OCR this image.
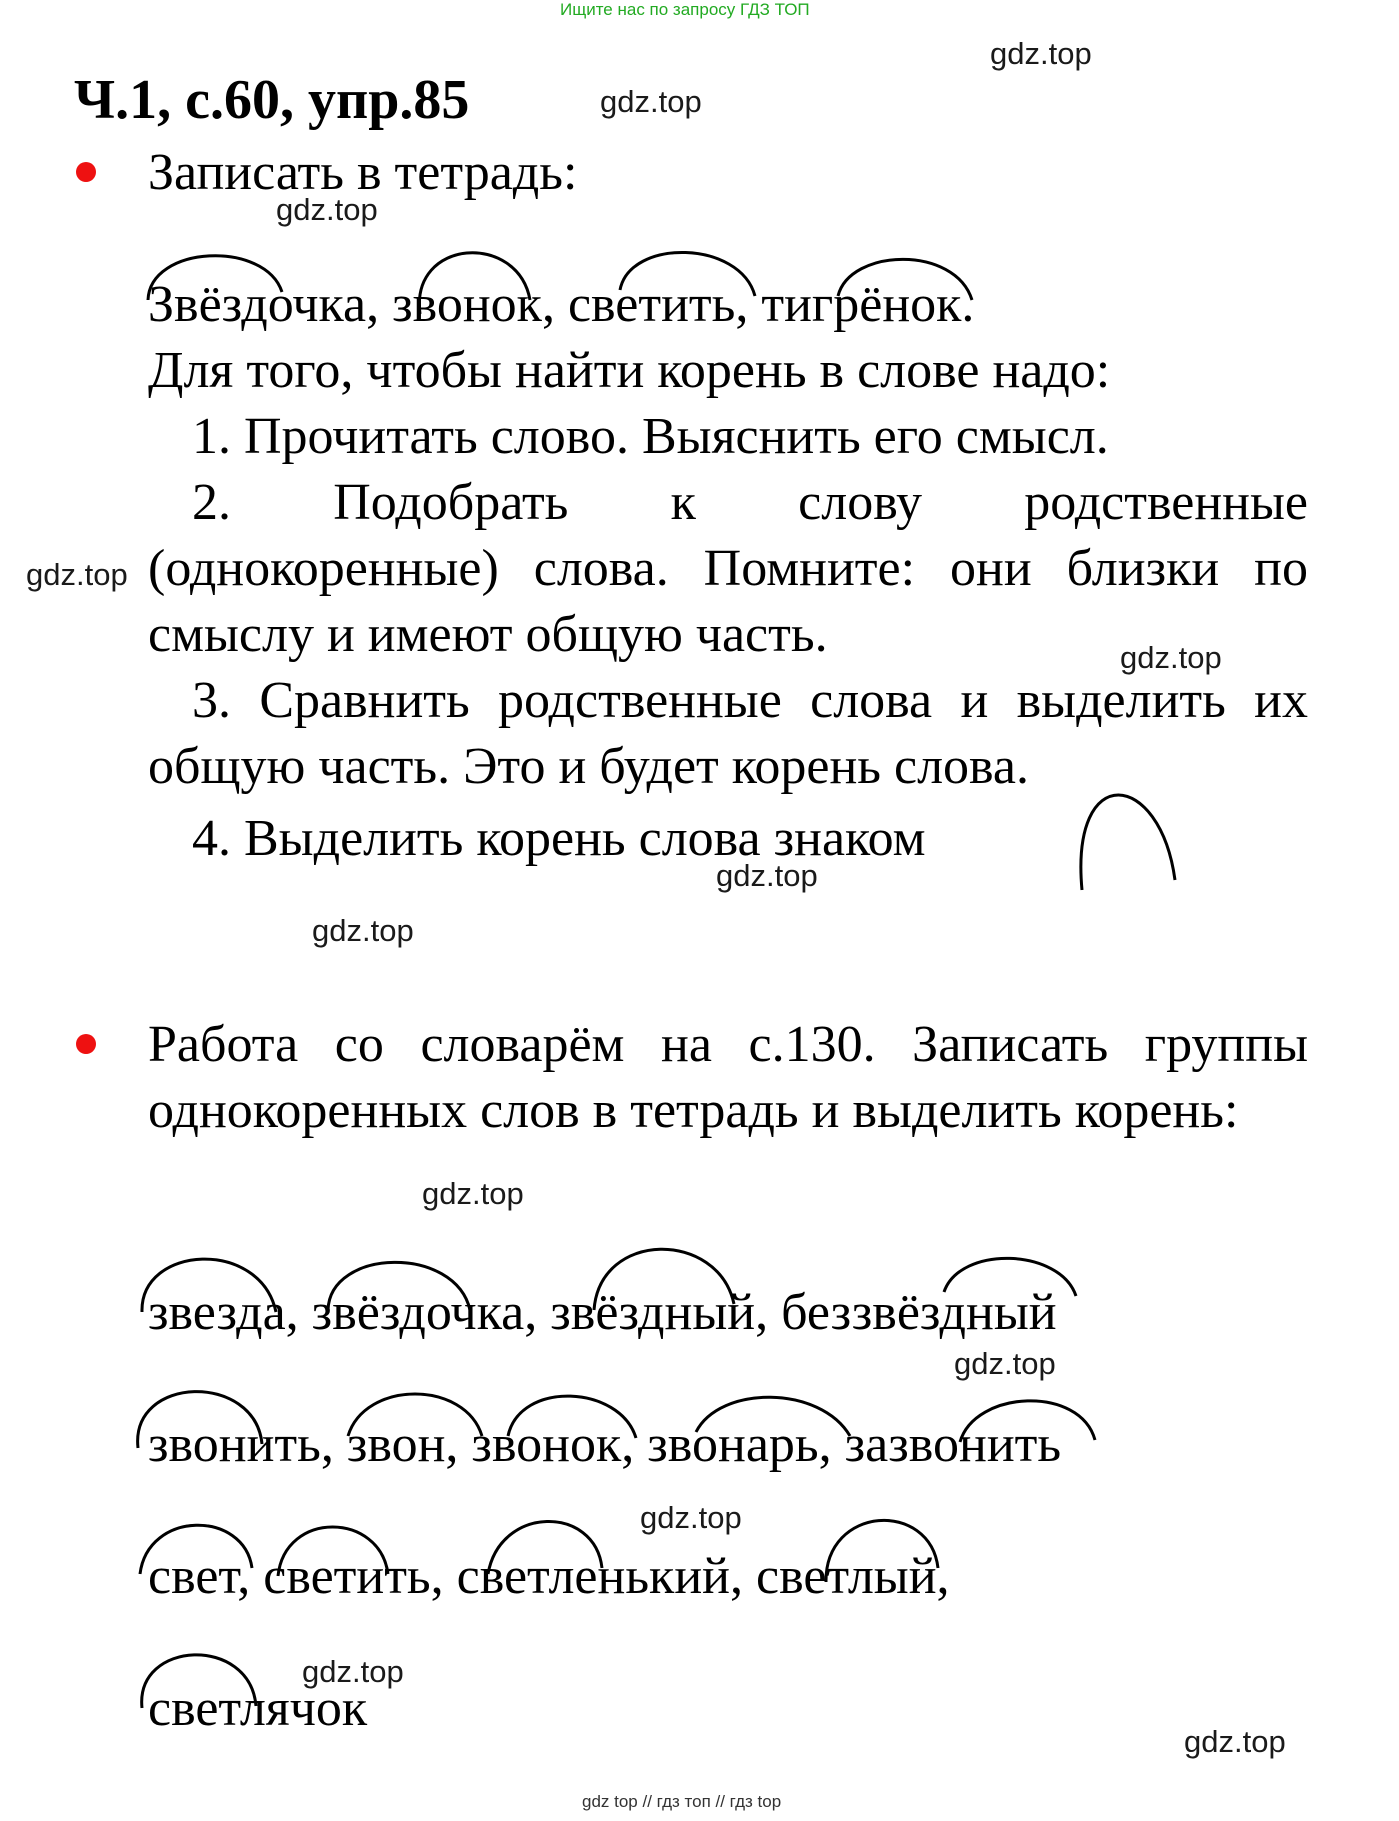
Ищите нас по запросу ГДЗ ТОП
gdz.top
gdz.top
gdz.top
gdz.top
gdz.top
gdz.top
gdz.top
gdz.top
gdz.top
gdz.top
gdz.top
gdz.top
Ч.1, с.60, упр.85
Записать в тетрадь:
Звёздочка, звонок, светить, тигрёнок.
Для того, чтобы найти корень в слове надо:
1. Прочитать слово. Выяснить его смысл.
2. Подобрать к слову родственные (однокоренные) слова. Помните: они близки по смыслу и имеют общую часть.
3. Сравнить родственные слова и выделить их общую часть. Это и будет корень слова.
4. Выделить корень слова знаком
Работа со словарём на с.130. Записать группы однокоренных слов в тетрадь и выделить корень:
звезда, звёздочка, звёздный, беззвёздный
звонить, звон, звонок, звонарь, зазвонить
свет, светить, светленький, светлый,
светлячок
gdz top // гдз топ // гдз top
